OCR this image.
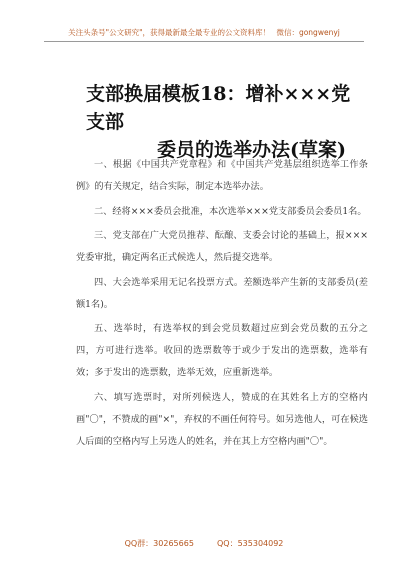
关注头条号"公文研究"，获得最新最全最专业的公文资料库！ 微信：gongwenyj
支部换届模板18：增补×××党支部
委员的选举办法(草案)

一、根据《中国共产党章程》和《中国共产党基层组织选举工作条例》的有关规定，结合实际，制定本选举办法。

二、经将×××委员会批准，本次选举×××党支部委员会委员1名。

三、党支部在广大党员推荐、酝酿、支委会讨论的基础上，报×××党委审批，确定两名正式候选人，然后提交选举。

四、大会选举采用无记名投票方式。差额选举产生新的支部委员(差额1名)。

五、选举时，有选举权的到会党员数超过应到会党员数的五分之四，方可进行选举。收回的选票数等于或少于发出的选票数，选举有效；多于发出的选票数，选举无效，应重新选举。

六、填写选票时，对所列候选人，赞成的在其姓名上方的空格内画"〇"，不赞成的画"×"，弃权的不画任何符号。如另选他人，可在候选人后面的空格内写上另选人的姓名，并在其上方空格内画"〇"。

QQ群：30265665	QQ：535304092
